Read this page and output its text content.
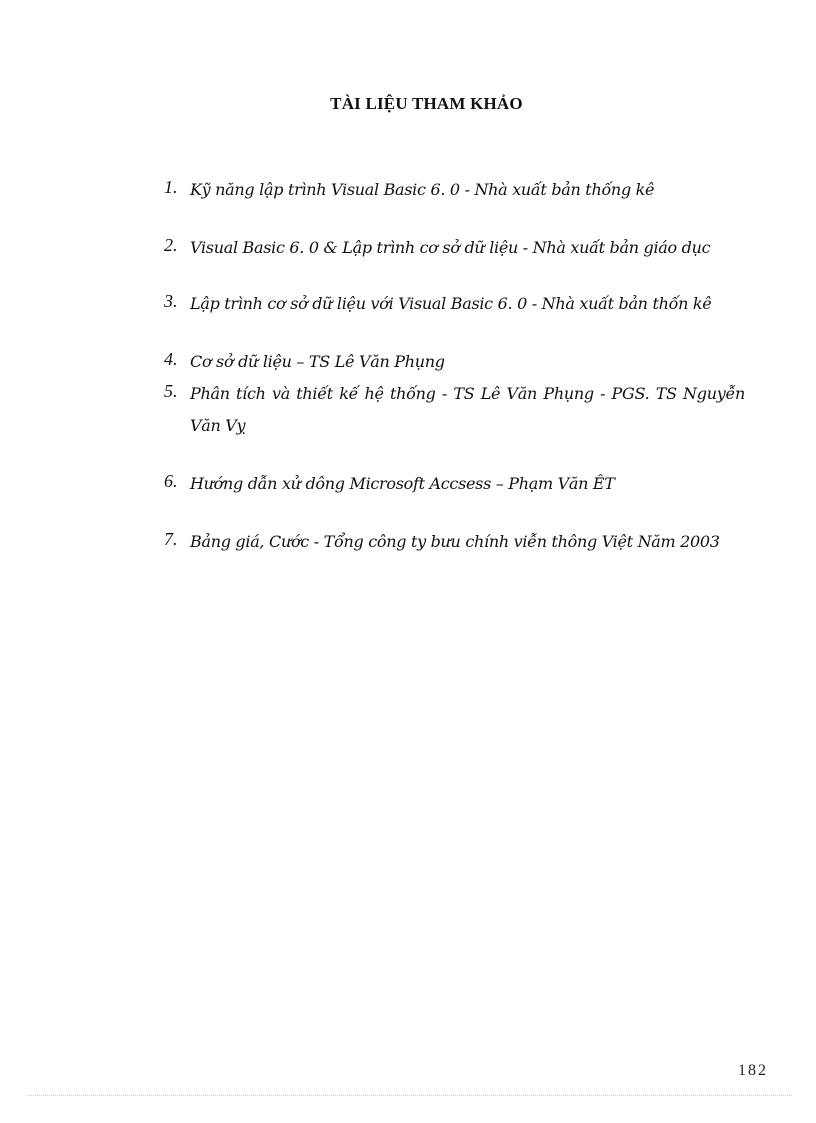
TÀI LIỆU THAM KHẢO
1. Kỹ năng lập trình Visual Basic 6. 0 - Nhà xuất bản thống kê
2. Visual Basic 6. 0 & Lập trình cơ sở dữ liệu - Nhà xuất bản giáo dục
3. Lập trình cơ sở dữ liệu với Visual Basic 6. 0 - Nhà xuất bản thốn kê
4. Cơ sở dữ liệu – TS Lê Văn Phụng
5. Phân tích và thiết kế hệ thống - TS Lê Văn Phụng - PGS. TS Nguyễn Văn Vỵ
6. Hướng dẫn xử dông Microsoft Accsess – Phạm Văn ÊT
7. Bảng giá, Cước - Tổng công ty bưu chính viễn thông Việt Năm 2003
182
